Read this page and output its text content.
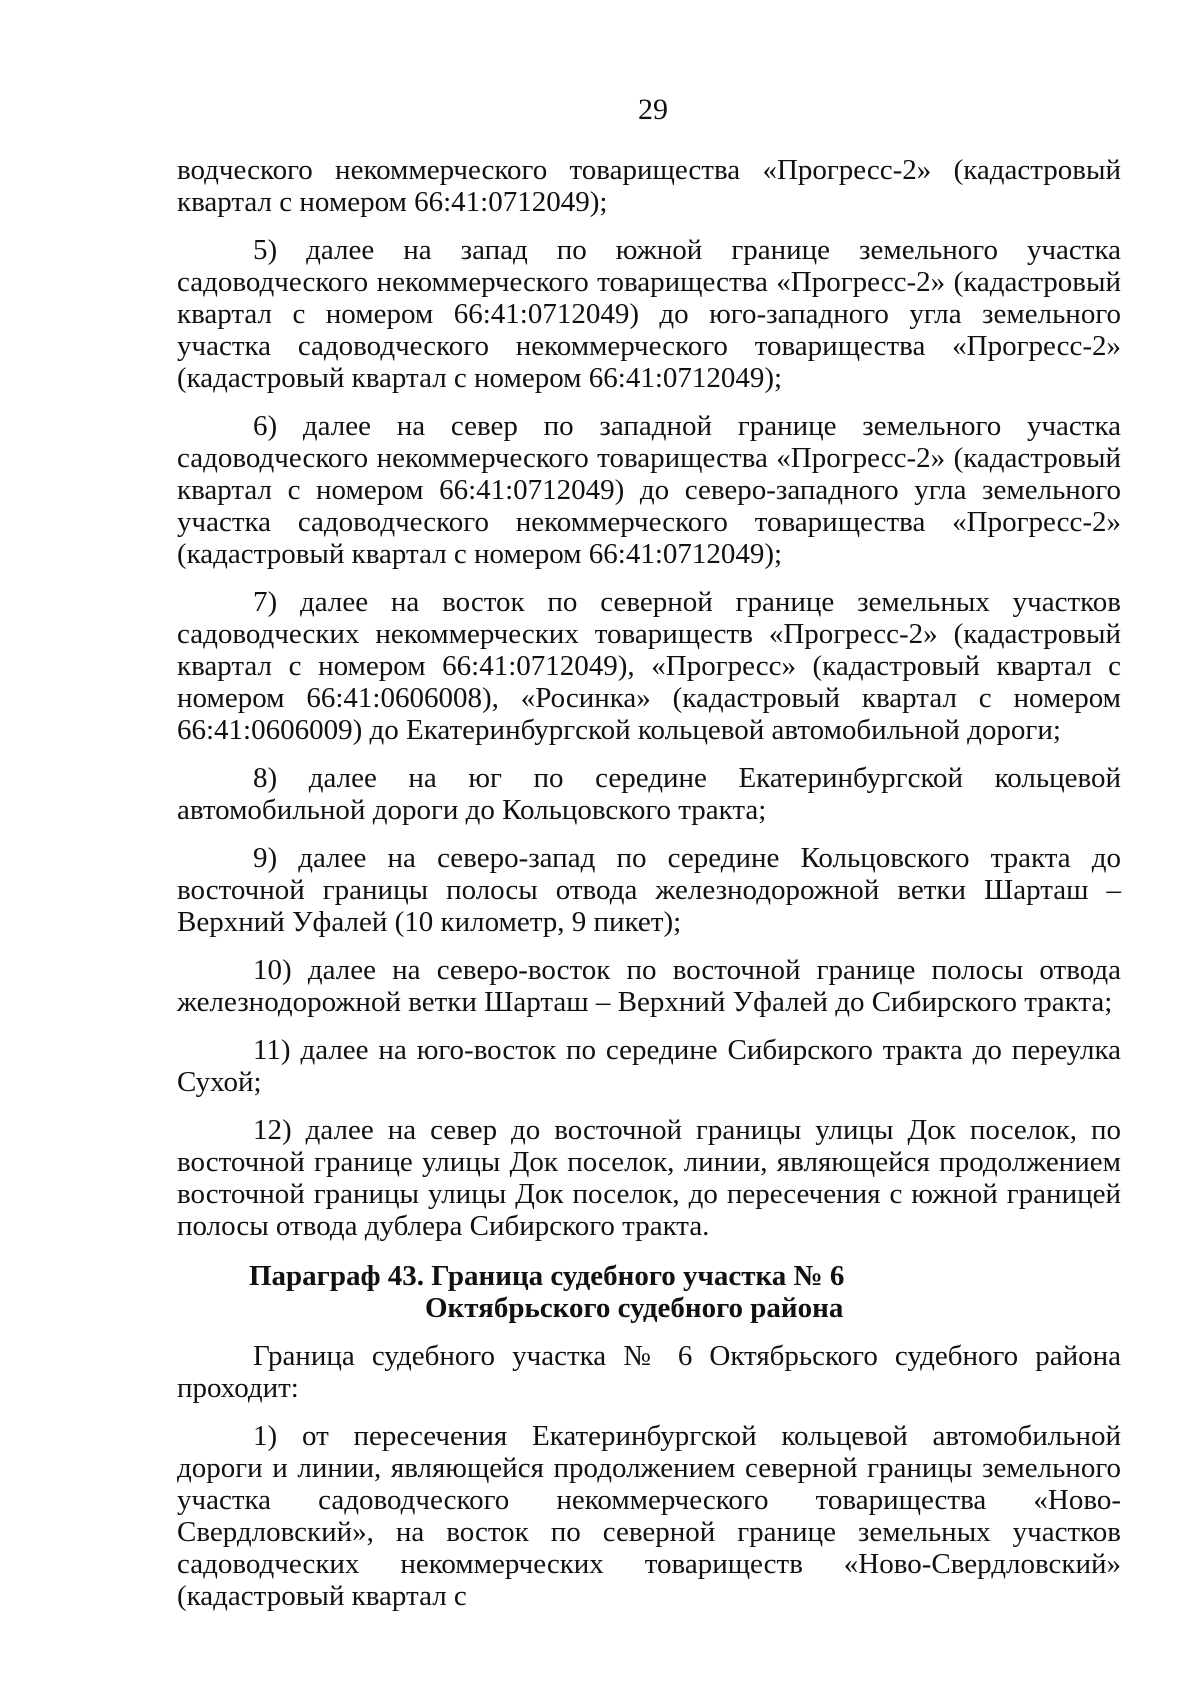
29

водческого некоммерческого товарищества «Прогресс-2» (кадастровый квартал с номером 66:41:0712049);

5) далее на запад по южной границе земельного участка садоводческого некоммерческого товарищества «Прогресс-2» (кадастровый квартал с номером 66:41:0712049) до юго-западного угла земельного участка садоводческого некоммерческого товарищества «Прогресс-2» (кадастровый квартал с номером 66:41:0712049);

6) далее на север по западной границе земельного участка садоводческого некоммерческого товарищества «Прогресс-2» (кадастровый квартал с номером 66:41:0712049) до северо-западного угла земельного участка садоводческого некоммерческого товарищества «Прогресс-2» (кадастровый квартал с номером 66:41:0712049);

7) далее на восток по северной границе земельных участков садоводческих некоммерческих товариществ «Прогресс-2» (кадастровый квартал с номером 66:41:0712049), «Прогресс» (кадастровый квартал с номером 66:41:0606008), «Росинка» (кадастровый квартал с номером 66:41:0606009) до Екатеринбургской кольцевой автомобильной дороги;

8) далее на юг по середине Екатеринбургской кольцевой автомобильной дороги до Кольцовского тракта;

9) далее на северо-запад по середине Кольцовского тракта до восточной границы полосы отвода железнодорожной ветки Шарташ – Верхний Уфалей (10 километр, 9 пикет);

10) далее на северо-восток по восточной границе полосы отвода железнодорожной ветки Шарташ – Верхний Уфалей до Сибирского тракта;

11) далее на юго-восток по середине Сибирского тракта до переулка Сухой;

12) далее на север до восточной границы улицы Док поселок, по восточной границе улицы Док поселок, линии, являющейся продолжением восточной границы улицы Док поселок, до пересечения с южной границей полосы отвода дублера Сибирского тракта.

Параграф 43. Граница судебного участка № 6
Октябрьского судебного района

Граница судебного участка № 6 Октябрьского судебного района проходит:

1) от пересечения Екатеринбургской кольцевой автомобильной дороги и линии, являющейся продолжением северной границы земельного участка садоводческого некоммерческого товарищества «Ново-Свердловский», на восток по северной границе земельных участков садоводческих некоммерческих товариществ «Ново-Свердловский» (кадастровый квартал с
